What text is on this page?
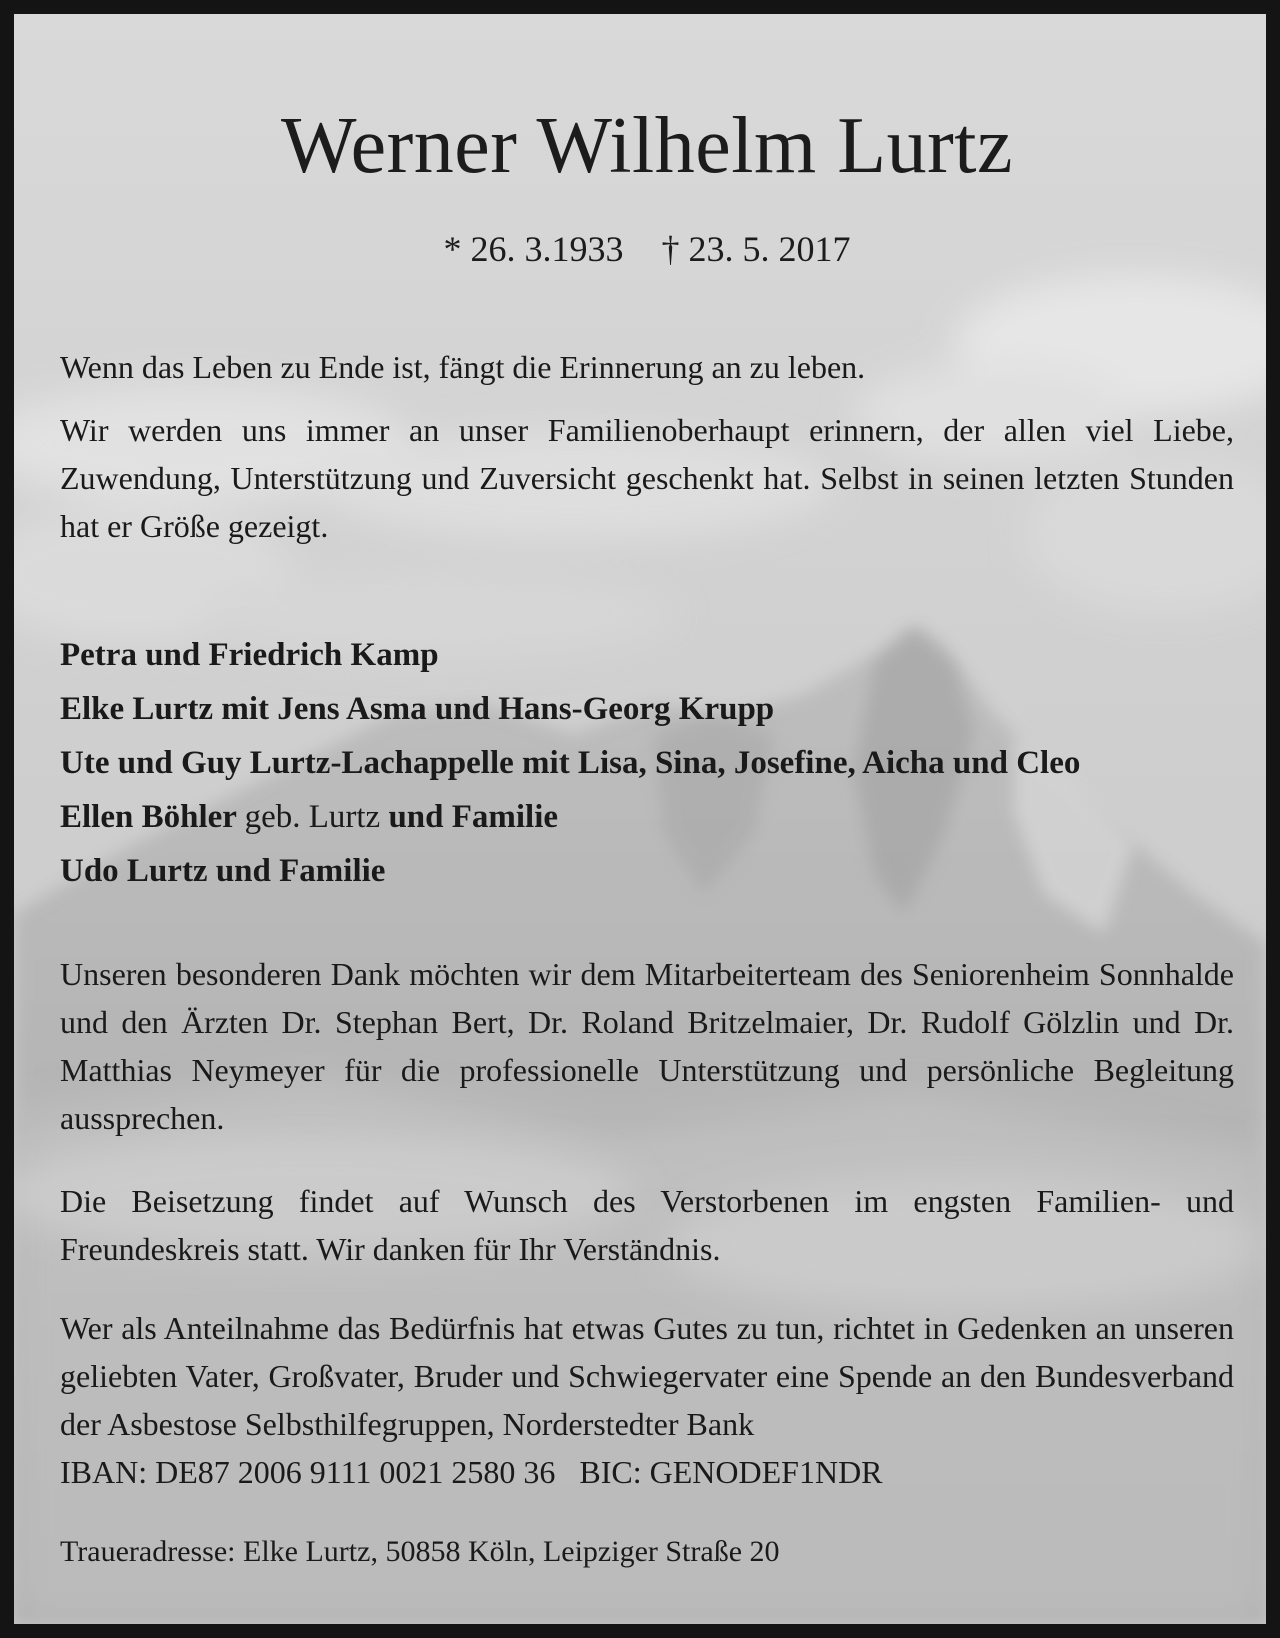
Werner Wilhelm Lurtz
* 26. 3.1933 † 23. 5. 2017

Wenn das Leben zu Ende ist, fängt die Erinnerung an zu leben.

Wir werden uns immer an unser Familienoberhaupt erinnern, der allen viel Liebe, Zuwendung, Unterstützung und Zuversicht geschenkt hat. Selbst in seinen letzten Stunden hat er Größe gezeigt.

Petra und Friedrich Kamp
Elke Lurtz mit Jens Asma und Hans-Georg Krupp
Ute und Guy Lurtz-Lachappelle mit Lisa, Sina, Josefine, Aicha und Cleo
Ellen Böhler geb. Lurtz und Familie
Udo Lurtz und Familie

Unseren besonderen Dank möchten wir dem Mitarbeiterteam des Seniorenheim Sonnhalde und den Ärzten Dr. Stephan Bert, Dr. Roland Britzelmaier, Dr. Rudolf Gölzlin und Dr. Matthias Neymeyer für die professionelle Unterstützung und persönliche Begleitung aussprechen.

Die Beisetzung findet auf Wunsch des Verstorbenen im engsten Familien- und Freundeskreis statt. Wir danken für Ihr Verständnis.

Wer als Anteilnahme das Bedürfnis hat etwas Gutes zu tun, richtet in Gedenken an unseren geliebten Vater, Großvater, Bruder und Schwiegervater eine Spende an den Bundesverband der Asbestose Selbsthilfegruppen, Norderstedter Bank

IBAN: DE87 2006 9111 0021 2580 36   BIC: GENODEF1NDR

Traueradresse: Elke Lurtz, 50858 Köln, Leipziger Straße 20
